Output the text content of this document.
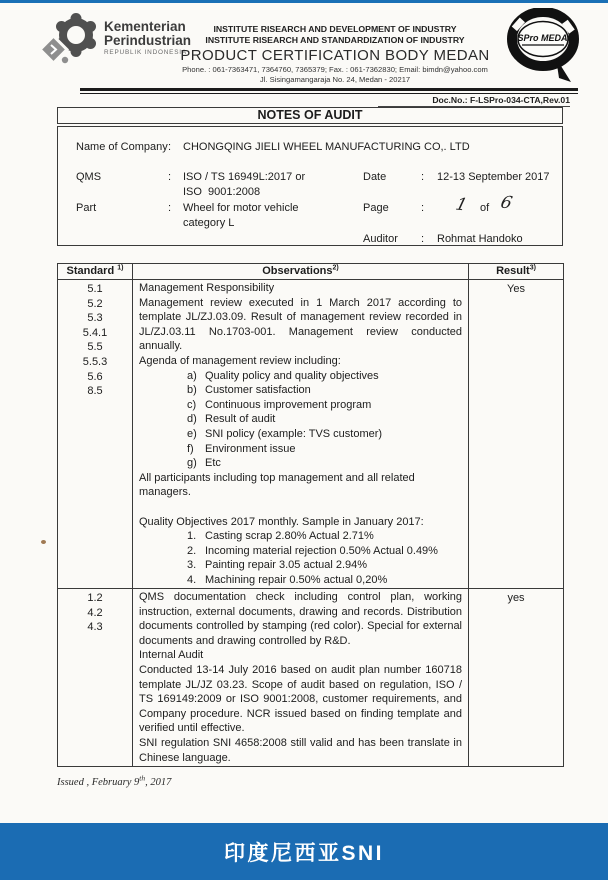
Kementerian
Perindustrian
REPUBLIK INDONESIA
INSTITUTE RISEARCH AND DEVELOPMENT OF INDUSTRY
INSTITUTE RISEARCH AND STANDARDIZATION OF INDUSTRY
PRODUCT CERTIFICATION BODY MEDAN
Phone. : 061-7363471, 7364760, 7365379; Fax. : 061-7362830; Email: bimdn@yahoo.com
Jl. Sisingamangaraja No. 24, Medan - 20217
LSPro MEDAN
Doc.No.: F-LSPro-034-CTA,Rev.01
NOTES OF AUDIT
Name of Company : CHONGQING JIELI WHEEL MANUFACTURING CO,. LTD
QMS	: ISO / TS 16949L:2017 or
ISO  9001:2008
Part	: Wheel for motor vehicle
category L
Date	: 12-13 September 2017
Page	: 1 of 6
Auditor : Rohmat Handoko
Standard $^{1)}$	Observations$^{2)}$	Result$^{3)}$
5.1
5.2
5.3
5.4.1
5.5
5.5.3
5.6
8.5
Management Responsibility
Management review executed in 1 March 2017 according to template JL/ZJ.03.09. Result of management review recorded in JL/ZJ.03.11 No.1703-001. Management review conducted annually.
Agenda of management review including:
a) Quality policy and quality objectives
b) Customer satisfaction
c) Continuous improvement program
d) Result of audit
e) SNI policy (example: TVS customer)
f)	Environment issue
g) Etc
All participants including top management and all related managers.
Quality Objectives 2017 monthly. Sample in January 2017:
1. Casting scrap 2.80% Actual 2.71%
2. Incoming material rejection 0.50% Actual 0.49%
3. Painting repair 3.05 actual 2.94%
4. Machining repair 0.50% actual 0,20%
Yes
1.2
4.2
4.3
QMS documentation check including control plan, working instruction, external documents, drawing and records. Distribution documents controlled by stamping (red color). Special for external documents and drawing controlled by R&D.
Internal Audit
Conducted 13-14 July 2016 based on audit plan number 160718 template JL/JZ 03.23. Scope of audit based on regulation, ISO / TS 169149:2009 or ISO 9001:2008, customer requirements, and Company procedure. NCR issued based on finding template and verified until effective.
SNI regulation SNI 4658:2008 still valid and has been translate in Chinese language.
yes
Issued , February 9th, 2017
印度尼西亚SNI
